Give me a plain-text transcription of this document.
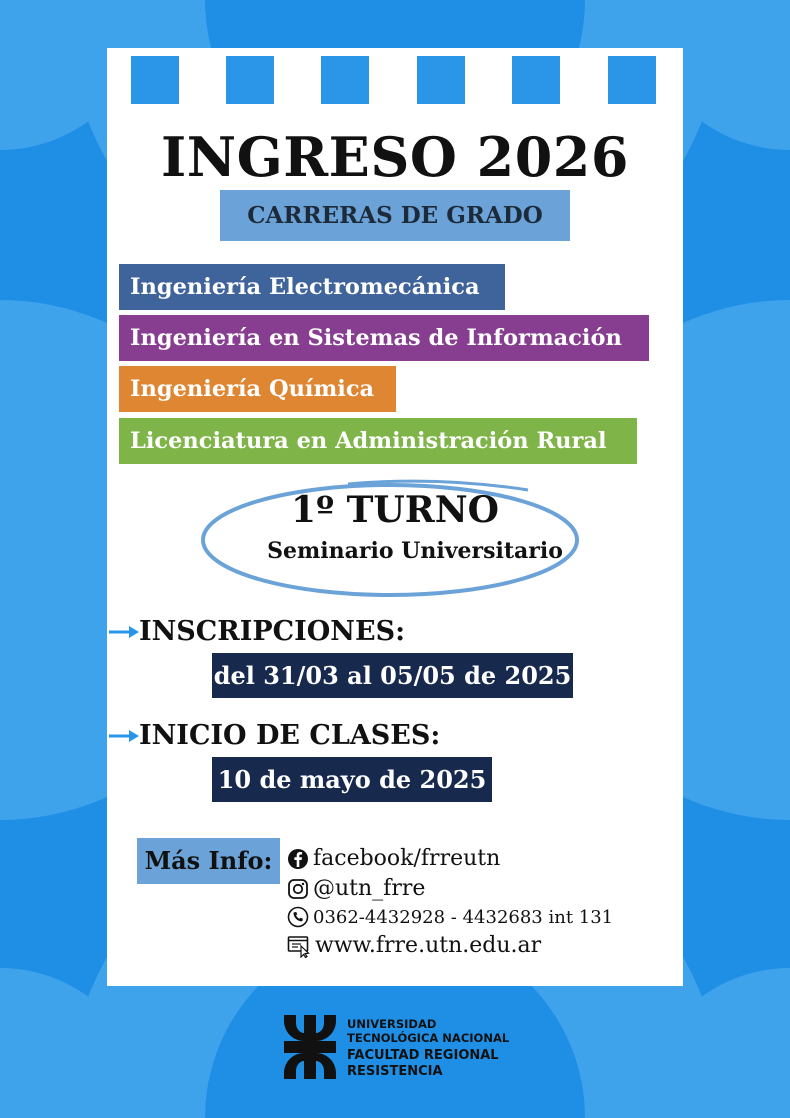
INGRESO 2026
CARRERAS DE GRADO
Ingeniería Electromecánica
Ingeniería en Sistemas de Información
Ingeniería Química
Licenciatura en Administración Rural
1º TURNO
Seminario Universitario
INSCRIPCIONES:
del 31/03 al 05/05 de 2025
INICIO DE CLASES:
10 de mayo de 2025
Más Info:	facebook/frreutn
@utn_frre
0362-4432928 - 4432683 int 131
www.frre.utn.edu.ar
UNIVERSIDAD
TECNOLÓGICA NACIONAL
FACULTAD REGIONAL
RESISTENCIA
